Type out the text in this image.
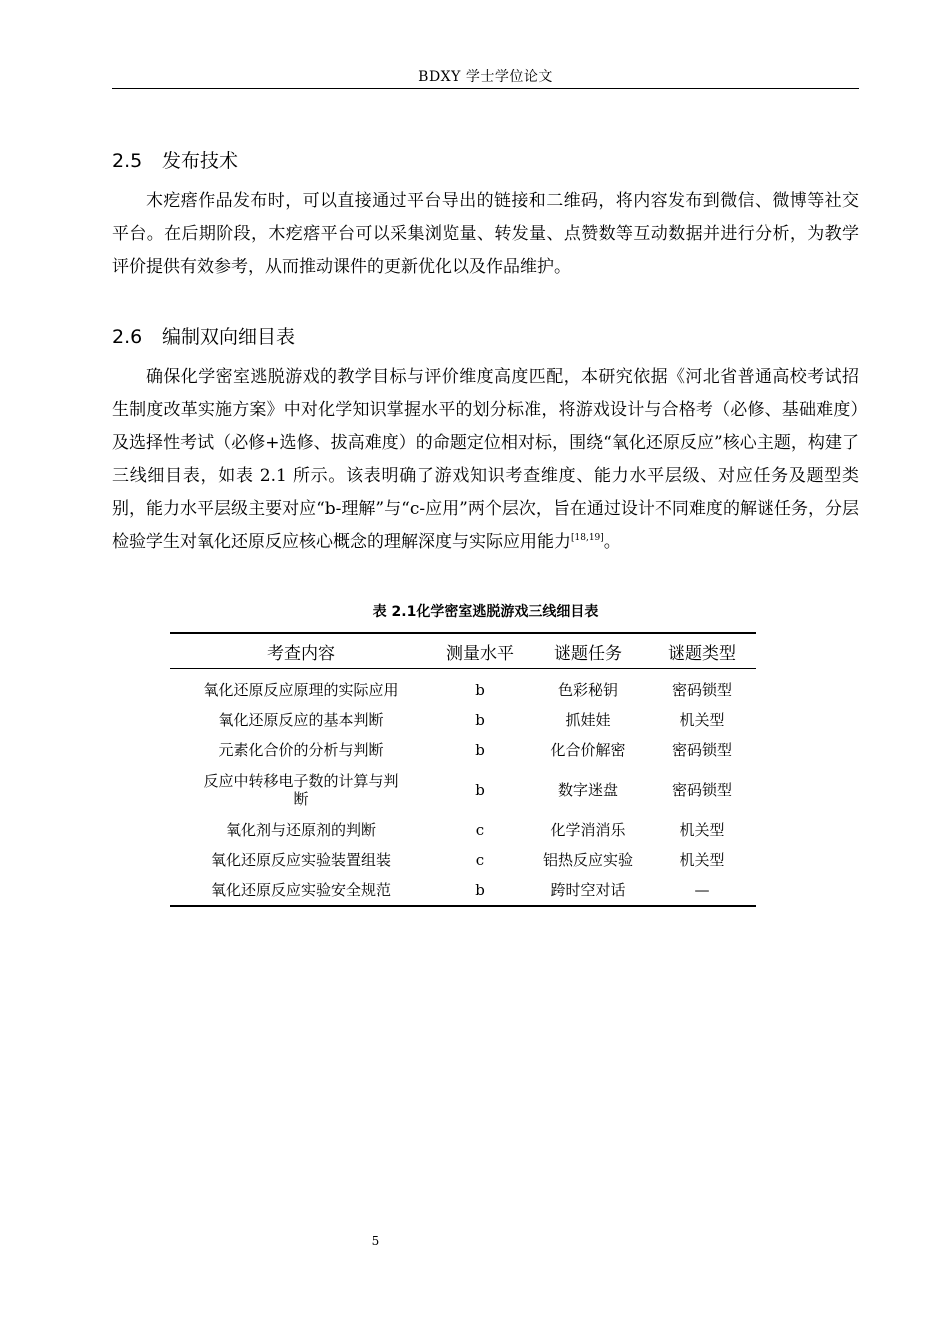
BDXY 学士学位论文
2.5 发布技术

木疙瘩作品发布时，可以直接通过平台导出的链接和二维码，将内容发布到微信、微博等社交平台。在后期阶段，木疙瘩平台可以采集浏览量、转发量、点赞数等互动数据并进行分析，为教学评价提供有效参考，从而推动课件的更新优化以及作品维护。

2.6 编制双向细目表

确保化学密室逃脱游戏的教学目标与评价维度高度匹配，本研究依据《河北省普通高校考试招生制度改革实施方案》中对化学知识掌握水平的划分标准，将游戏设计与合格考（必修、基础难度）及选择性考试（必修+选修、拔高难度）的命题定位相对标，围绕“氧化还原反应”核心主题，构建了三线细目表，如表 2.1 所示。该表明确了游戏知识考查维度、能力水平层级、对应任务及题型类别，能力水平层级主要对应“b-理解”与“c-应用”两个层次，旨在通过设计不同难度的解谜任务，分层检验学生对氧化还原反应核心概念的理解深度与实际应用能力[18,19]。

表 2.1化学密室逃脱游戏三线细目表
考查内容	测量水平	谜题任务	谜题类型
氧化还原反应原理的实际应用	b	色彩秘钥	密码锁型
氧化还原反应的基本判断	b	抓娃娃	机关型
元素化合价的分析与判断	b	化合价解密	密码锁型
反应中转移电子数的计算与判断	b	数字迷盘	密码锁型
氧化剂与还原剂的判断	c	化学消消乐	机关型
氧化还原反应实验装置组装	c	铝热反应实验	机关型
氧化还原反应实验安全规范	b	跨时空对话	—
5
